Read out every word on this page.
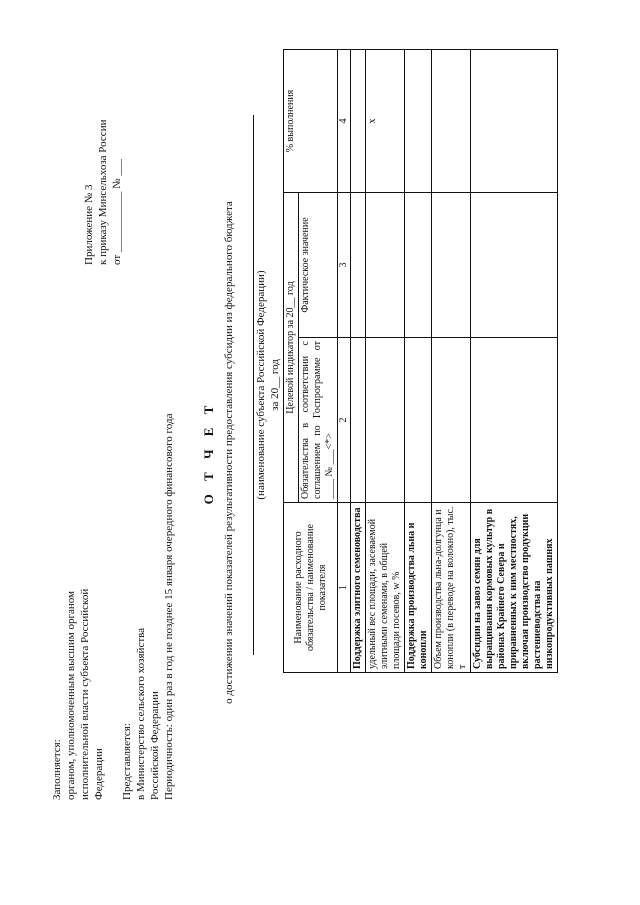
Приложение № 3 к приказу Минсельхоза России от ___________ № ___
Заполняется: органом, уполномоченным высшим органом исполнительной власти субъекта Российской Федерации Представляется: в Министерство сельского хозяйства Российской Федерации Периодичность: один раз в год не позднее 15 января очередного финансового года О Т Ч Е Т о достижении значений показателей результативности предоставления субсидии из федерального бюджета (наименование субъекта Российской Федерации) за 20__ год
Наименование расходного обязательства / наименование показателя	Целевой индикатор за 20__ год		% выполнения
	Обязательства в соответствии с соглашением по Госпрограмме от ____ № ___<*>	Фактическое значение	
1	2	3	4
Поддержка элитного семеноводства			
удельный вес площади, засеваемой элитными семенами, в общей площади посевов, w %			x
Поддержка производства льна и конопли			
Объем производства льна-долгунца и конопли (в переводе на волокно), тыс. т			
Субсидии на завоз семян для выращивания кормовых культур в районах Крайнего Севера и приравненных к ним местностях, включая производство продукции растениеводства на низкопродуктивных пашнях			
